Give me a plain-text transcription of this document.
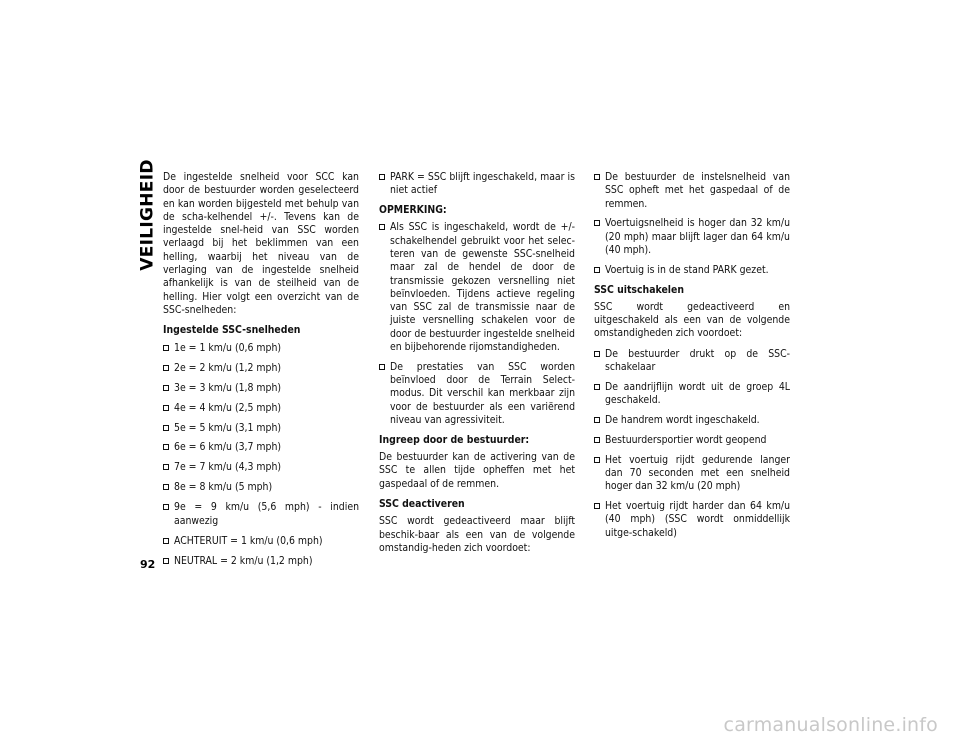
VEILIGHEID
92

De ingestelde snelheid voor SCC kan door de bestuurder worden geselecteerd en kan worden bijgesteld met behulp van de scha-kelhendel +/-. Tevens kan de ingestelde snel-heid van SSC worden verlaagd bij het beklimmen van een helling, waarbij het niveau van de verlaging van de ingestelde snelheid afhankelijk is van de steilheid van de helling. Hier volgt een overzicht van de SSC-snelheden:

Ingestelde SSC-snelheden

1e = 1 km/u (0,6 mph)
2e = 2 km/u (1,2 mph)
3e = 3 km/u (1,8 mph)
4e = 4 km/u (2,5 mph)
5e = 5 km/u (3,1 mph)
6e = 6 km/u (3,7 mph)
7e = 7 km/u (4,3 mph)
8e = 8 km/u (5 mph)
9e = 9 km/u (5,6 mph) - indien aanwezig
ACHTERUIT = 1 km/u (0,6 mph)
NEUTRAL = 2 km/u (1,2 mph)
PARK = SSC blijft ingeschakeld, maar is niet actief

OPMERKING:

Als SSC is ingeschakeld, wordt de +/- schakelhendel gebruikt voor het selec-teren van de gewenste SSC-snelheid maar zal de hendel de door de transmissie gekozen versnelling niet beïnvloeden. Tijdens actieve regeling van SSC zal de transmissie naar de juiste versnelling schakelen voor de door de bestuurder ingestelde snelheid en bijbehorende rijomstandigheden.
De prestaties van SSC worden beïnvloed door de Terrain Select-modus. Dit verschil kan merkbaar zijn voor de bestuurder als een variërend niveau van agressiviteit.

Ingreep door de bestuurder:

De bestuurder kan de activering van de SSC te allen tijde opheffen met het gaspedaal of de remmen.

SSC deactiveren

SSC wordt gedeactiveerd maar blijft beschik-baar als een van de volgende omstandig-heden zich voordoet:

De bestuurder de instelsnelheid van SSC opheft met het gaspedaal of de remmen.
Voertuigsnelheid is hoger dan 32 km/u (20 mph) maar blijft lager dan 64 km/u (40 mph).
Voertuig is in de stand PARK gezet.

SSC uitschakelen

SSC wordt gedeactiveerd en uitgeschakeld als een van de volgende omstandigheden zich voordoet:

De bestuurder drukt op de SSC-schakelaar
De aandrijflijn wordt uit de groep 4L geschakeld.
De handrem wordt ingeschakeld.
Bestuurdersportier wordt geopend
Het voertuig rijdt gedurende langer dan 70 seconden met een snelheid hoger dan 32 km/u (20 mph)
Het voertuig rijdt harder dan 64 km/u (40 mph) (SSC wordt onmiddellijk uitge-schakeld)
carmanualsonline.info
